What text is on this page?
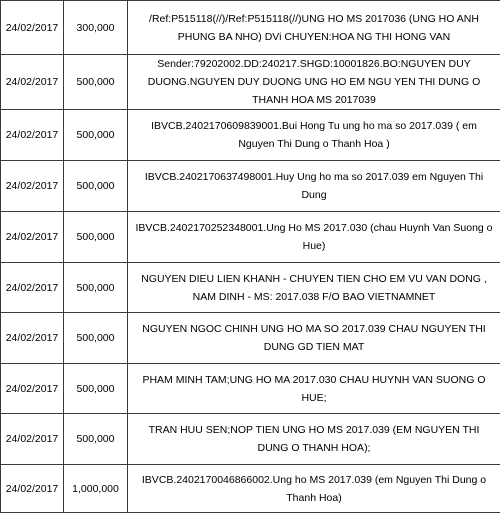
24/02/2017	300,000	/Ref:P515118(//)/Ref:P515118(//)UNG HO MS 2017036 (UNG HO ANH PHUNG BA NHO) DVi CHUYEN:HOA NG THI HONG VAN
24/02/2017	500,000	Sender:79202002.DD:240217.SHGD:10001826.BO:NGUYEN DUY DUONG.NGUYEN DUY DUONG UNG HO EM NGU YEN THI DUNG O THANH HOA MS 2017039
24/02/2017	500,000	IBVCB.2402170609839001.Bui Hong Tu ung ho ma so 2017.039 ( em Nguyen Thi Dung o Thanh Hoa )
24/02/2017	500,000	IBVCB.2402170637498001.Huy Ung ho ma so 2017.039 em Nguyen Thi Dung
24/02/2017	500,000	IBVCB.2402170252348001.Ung Ho MS 2017.030 (chau Huynh Van Suong o Hue)
24/02/2017	500,000	NGUYEN DIEU LIEN KHANH - CHUYEN TIEN CHO EM VU VAN DONG , NAM DINH - MS: 2017.038 F/O BAO VIETNAMNET
24/02/2017	500,000	NGUYEN NGOC CHINH UNG HO MA SO 2017.039 CHAU NGUYEN THI DUNG GD TIEN MAT
24/02/2017	500,000	PHAM MINH TAM;UNG HO MA 2017.030 CHAU HUYNH VAN SUONG O HUE;
24/02/2017	500,000	TRAN HUU SEN;NOP TIEN UNG HO MS 2017.039 (EM NGUYEN THI DUNG O THANH HOA);
24/02/2017	1,000,000	IBVCB.2402170046866002.Ung ho MS 2017.039 (em Nguyen Thi Dung o Thanh Hoa)
